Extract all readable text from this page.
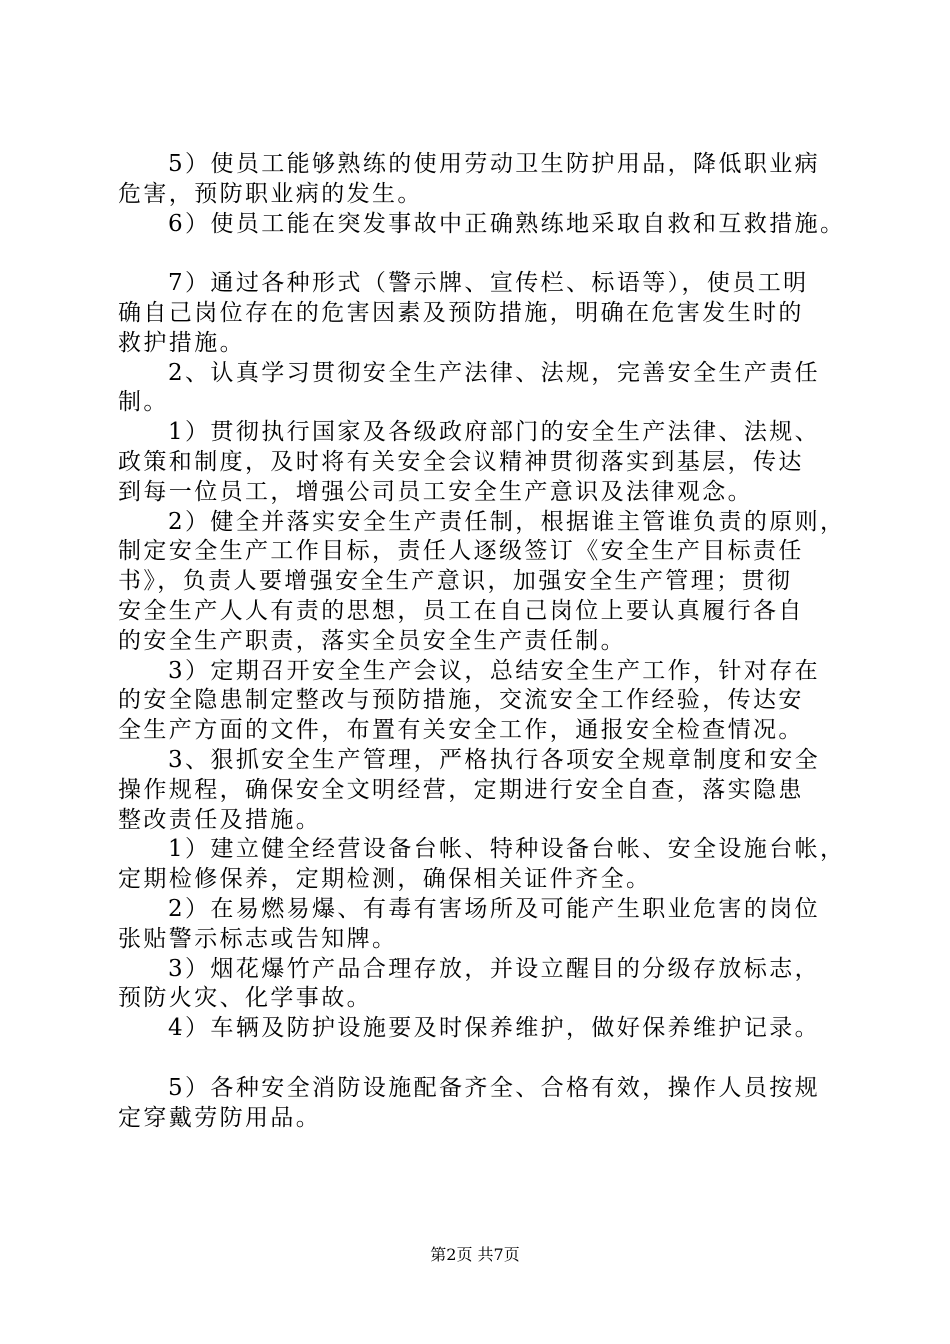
5）使员工能够熟练的使用劳动卫生防护用品，降低职业病
危害，预防职业病的发生。
6）使员工能在突发事故中正确熟练地采取自救和互救措施。
7）通过各种形式（警示牌、宣传栏、标语等），使员工明
确自己岗位存在的危害因素及预防措施，明确在危害发生时的
救护措施。
2、认真学习贯彻安全生产法律、法规，完善安全生产责任
制。
1）贯彻执行国家及各级政府部门的安全生产法律、法规、
政策和制度，及时将有关安全会议精神贯彻落实到基层，传达
到每一位员工，增强公司员工安全生产意识及法律观念。
2）健全并落实安全生产责任制，根据谁主管谁负责的原则，
制定安全生产工作目标，责任人逐级签订《安全生产目标责任
书》，负责人要增强安全生产意识，加强安全生产管理；贯彻
安全生产人人有责的思想，员工在自己岗位上要认真履行各自
的安全生产职责，落实全员安全生产责任制。
3）定期召开安全生产会议，总结安全生产工作，针对存在
的安全隐患制定整改与预防措施，交流安全工作经验，传达安
全生产方面的文件，布置有关安全工作，通报安全检查情况。
3、狠抓安全生产管理，严格执行各项安全规章制度和安全
操作规程，确保安全文明经营，定期进行安全自查，落实隐患
整改责任及措施。
1）建立健全经营设备台帐、特种设备台帐、安全设施台帐，
定期检修保养，定期检测，确保相关证件齐全。
2）在易燃易爆、有毒有害场所及可能产生职业危害的岗位
张贴警示标志或告知牌。
3）烟花爆竹产品合理存放，并设立醒目的分级存放标志，
预防火灾、化学事故。
4）车辆及防护设施要及时保养维护，做好保养维护记录。
5）各种安全消防设施配备齐全、合格有效，操作人员按规
定穿戴劳防用品。
第2页 共7页
